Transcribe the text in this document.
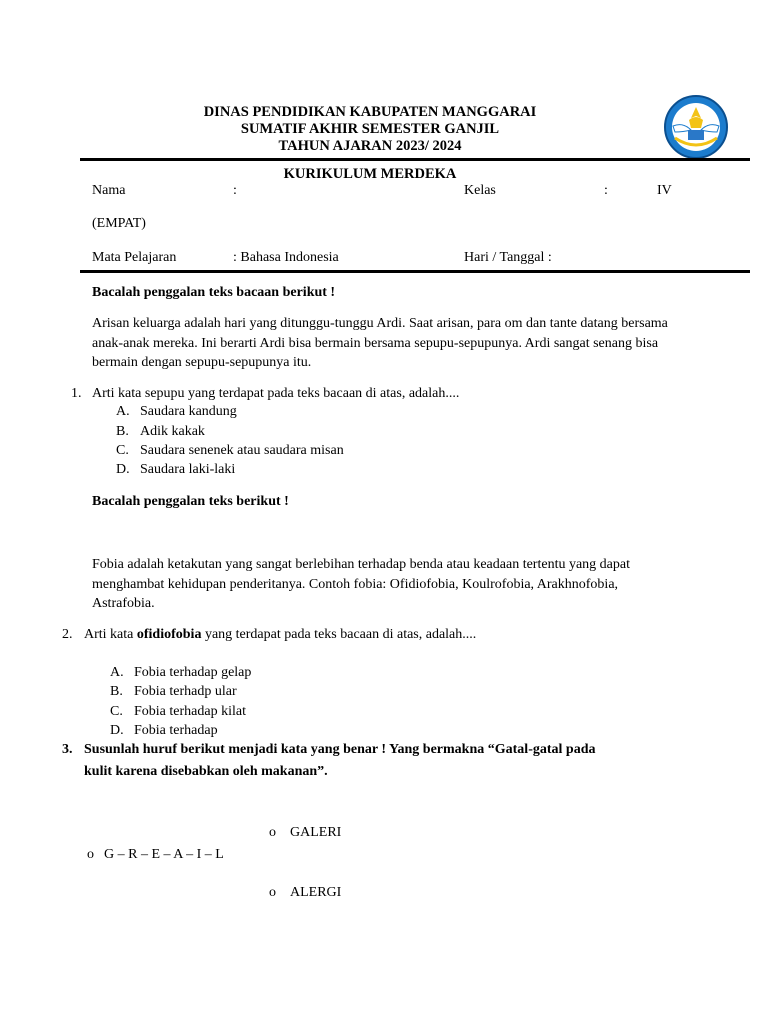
DINAS PENDIDIKAN KABUPATEN MANGGARAI
SUMATIF AKHIR SEMESTER GANJIL
TAHUN AJARAN 2023/ 2024
KURIKULUM MERDEKA
Nama	:	Kelas	:	IV
(EMPAT)
Mata Pelajaran	: Bahasa Indonesia	Hari / Tanggal :
Bacalah penggalan teks bacaan berikut !
Arisan keluarga adalah hari yang ditunggu-tunggu Ardi. Saat arisan, para om dan tante datang bersama anak-anak mereka. Ini berarti Ardi bisa bermain bersama sepupu-sepupunya. Ardi sangat senang bisa bermain dengan sepupu-sepupunya itu.
1. Arti kata sepupu yang terdapat pada teks bacaan di atas, adalah....
A. Saudara kandung
B. Adik kakak
C. Saudara senenek atau saudara misan
D. Saudara laki-laki
Bacalah penggalan teks berikut !
Fobia adalah ketakutan yang sangat berlebihan terhadap benda atau keadaan tertentu yang dapat menghambat kehidupan penderitanya. Contoh fobia: Ofidiofobia, Koulrofobia, Arakhnofobia, Astrafobia.
2. Arti kata ofidiofobia yang terdapat pada teks bacaan di atas, adalah....
A. Fobia terhadap gelap
B. Fobia terhadp ular
C. Fobia terhadap kilat
D. Fobia terhadap
3. Susunlah huruf berikut menjadi kata yang benar ! Yang bermakna “Gatal-gatal pada
kulit karena disebabkan oleh makanan”.
o GALERI
o G – R – E – A – I – L
o ALERGI
